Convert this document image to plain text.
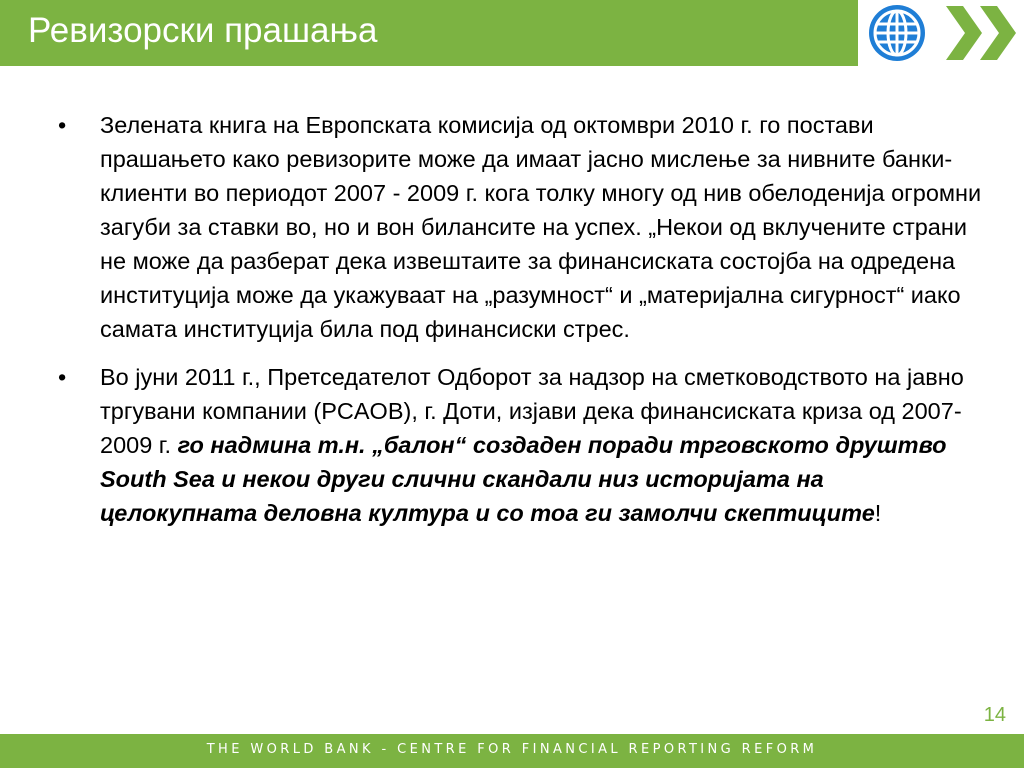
Ревизорски прашања
• Зелената книга на Европската комисија од октомври 2010 г. го постави прашањето како ревизорите може да имаат јасно мислење за нивните банки-клиенти во периодот 2007 - 2009 г. кога толку многу од нив обелоденија огромни загуби за ставки во, но и вон билансите на успех. „Некои од вклучените страни не може да разберат дека извештаите за финансиската состојба на одредена институција може да укажуваат на „разумност“ и „материјална сигурност“ иако самата институција била под финансиски стрес.
• Во јуни 2011 г., Претседателот Одборот за надзор на сметководството на јавно тргувани компании (PCAOB), г. Доти, изјави дека финансиската криза од 2007-2009 г. го надмина т.н. „балон“ создаден поради трговското друштво South Sea и некои други слични скандали низ историјата на целокупната деловна култура и со тоа ги замолчи скептиците!
14
THE WORLD BANK - CENTRE FOR FINANCIAL REPORTING REFORM
